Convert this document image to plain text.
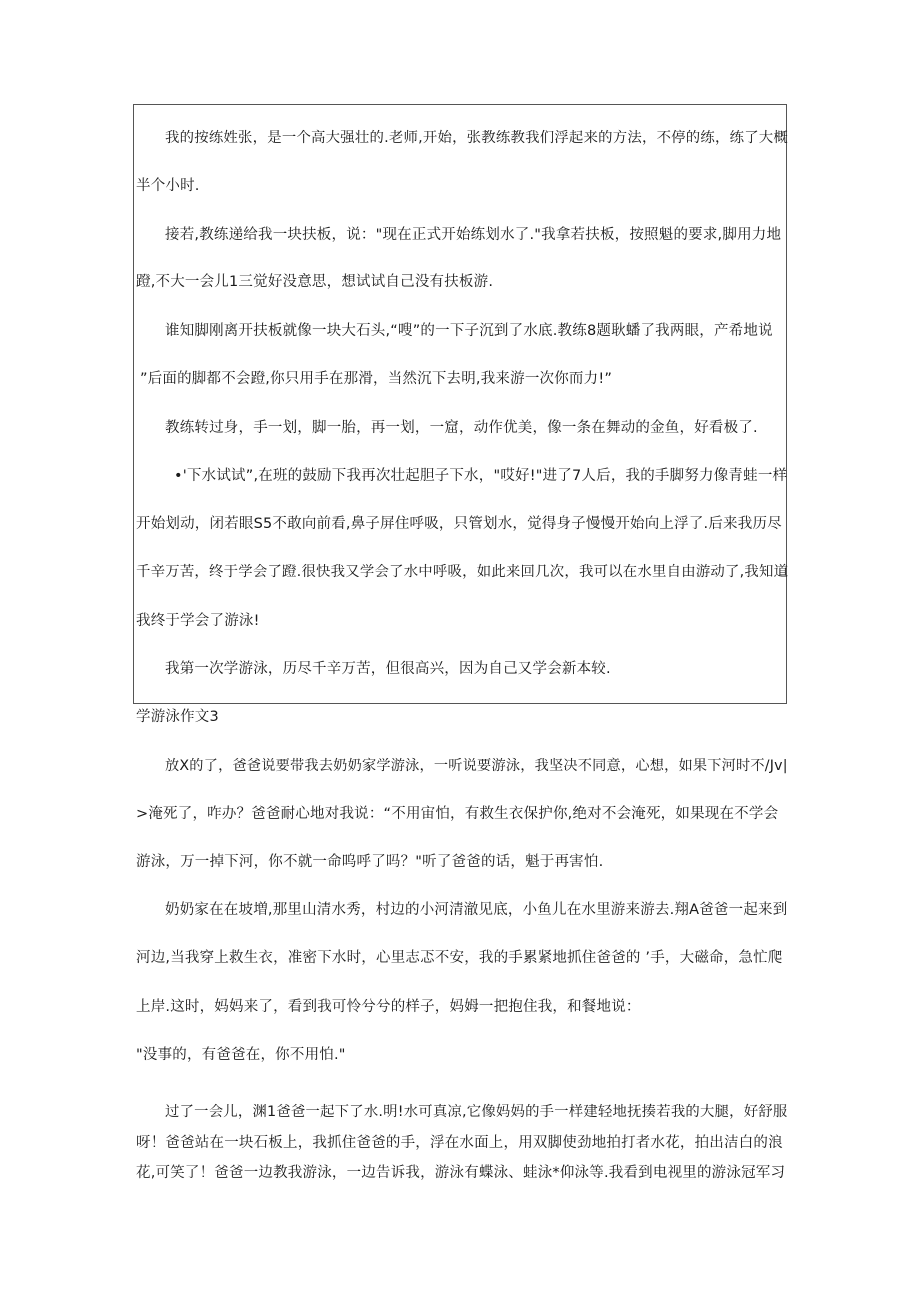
我的按练姓张，是一个高大强壮的.老师,开始，张教练教我们浮起来的方法，不停的练，练了大概
半个小时.
接若,教练递给我一块扶板，说："现在正式开始练划水了."我拿若扶板，按照魁的要求,脚用力地
蹬,不大一会儿1三觉好没意思，想试试自己没有扶板游.
谁知脚刚离开扶板就像一块大石头,“嗖”的一下子沉到了水底.教练8题耿蟠了我两眼，产希地说
”后面的脚都不会蹬,你只用手在那滑，当然沉下去明,我来游一次你而力!”
教练转过身，手一划，脚一胎，再一划，一窟，动作优美，像一条在舞动的金鱼，好看极了.
•'下水试试”,在班的鼓励下我再次壮起胆子下水，"哎好!"进了7人后，我的手脚努力像青蛙一样
开始划动，闭若眼S5不敢向前看,鼻子屏住呼吸，只管划水，觉得身子慢慢开始向上浮了.后来我历尽
千辛万苦，终于学会了蹬.很快我又学会了水中呼吸，如此来回几次，我可以在水里自由游动了,我知道
我终于学会了游泳!
我第一次学游泳，历尽千辛万苦，但很高兴，因为自己又学会新本较.
学游泳作文3
放X的了，爸爸说要带我去奶奶家学游泳，一听说要游泳，我坚决不同意，心想，如果下河时不/Jv|
>淹死了，咋办？爸爸耐心地对我说：“不用宙怕，有救生衣保护你,绝对不会淹死，如果现在不学会
游泳，万一掉下河，你不就一命呜呼了吗？"听了爸爸的话，魁于再害怕.
奶奶家在在坡増,那里山清水秀，村边的小河清澈见底，小鱼儿在水里游来游去.翔A爸爸一起来到
河边,当我穿上救生衣，准密下水时，心里志忑不安，我的手累紧地抓住爸爸的 ’手，大磁命，急忙爬
上岸.这时，妈妈来了，看到我可怜兮兮的样子，妈姆一把抱住我，和餐地说：
"没事的，有爸爸在，你不用怕."
过了一会儿，渊1爸爸一起下了水.明!水可真凉,它像妈妈的手一样建轻地抚揍若我的大腿，好舒服
呀！爸爸站在一块石板上，我抓住爸爸的手，浮在水面上，用双脚使劲地拍打者水花，拍出洁白的浪
花,可笑了！爸爸一边教我游泳，一边告诉我，游泳有蝶泳、蛙泳*仰泳等.我看到电视里的游泳冠军习
